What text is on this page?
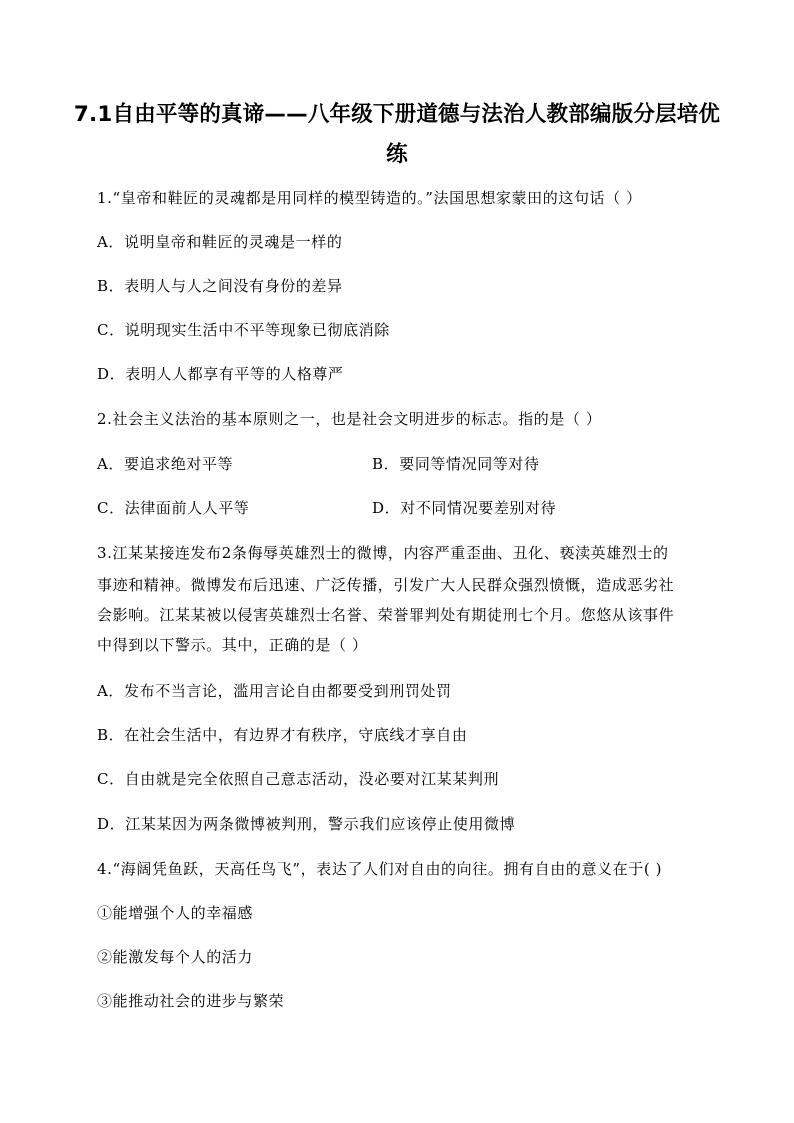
7.1自由平等的真谛——八年级下册道德与法治人教部编版分层培优
练
1.“皇帝和鞋匠的灵魂都是用同样的模型铸造的。”法国思想家蒙田的这句话（ ）
A．说明皇帝和鞋匠的灵魂是一样的
B．表明人与人之间没有身份的差异
C．说明现实生活中不平等现象已彻底消除
D．表明人人都享有平等的人格尊严
2.社会主义法治的基本原则之一，也是社会文明进步的标志。指的是（ ）
A．要追求绝对平等	B．要同等情况同等对待
C．法律面前人人平等	D．对不同情况要差别对待
3.江某某接连发布2条侮辱英雄烈士的微博，内容严重歪曲、丑化、亵渎英雄烈士的
事迹和精神。微博发布后迅速、广泛传播，引发广大人民群众强烈愤慨，造成恶劣社
会影响。江某某被以侵害英雄烈士名誉、荣誉罪判处有期徒刑七个月。您悠从该事件
中得到以下警示。其中，正确的是（ ）
A．发布不当言论，滥用言论自由都要受到刑罚处罚
B．在社会生活中，有边界才有秩序，守底线才享自由
C．自由就是完全依照自己意志活动，没必要对江某某判刑
D．江某某因为两条微博被判刑，警示我们应该停止使用微博
4.“海阔凭鱼跃，天高任鸟飞”，表达了人们对自由的向往。拥有自由的意义在于( )
①能增强个人的幸福感
②能激发每个人的活力
③能推动社会的进步与繁荣
